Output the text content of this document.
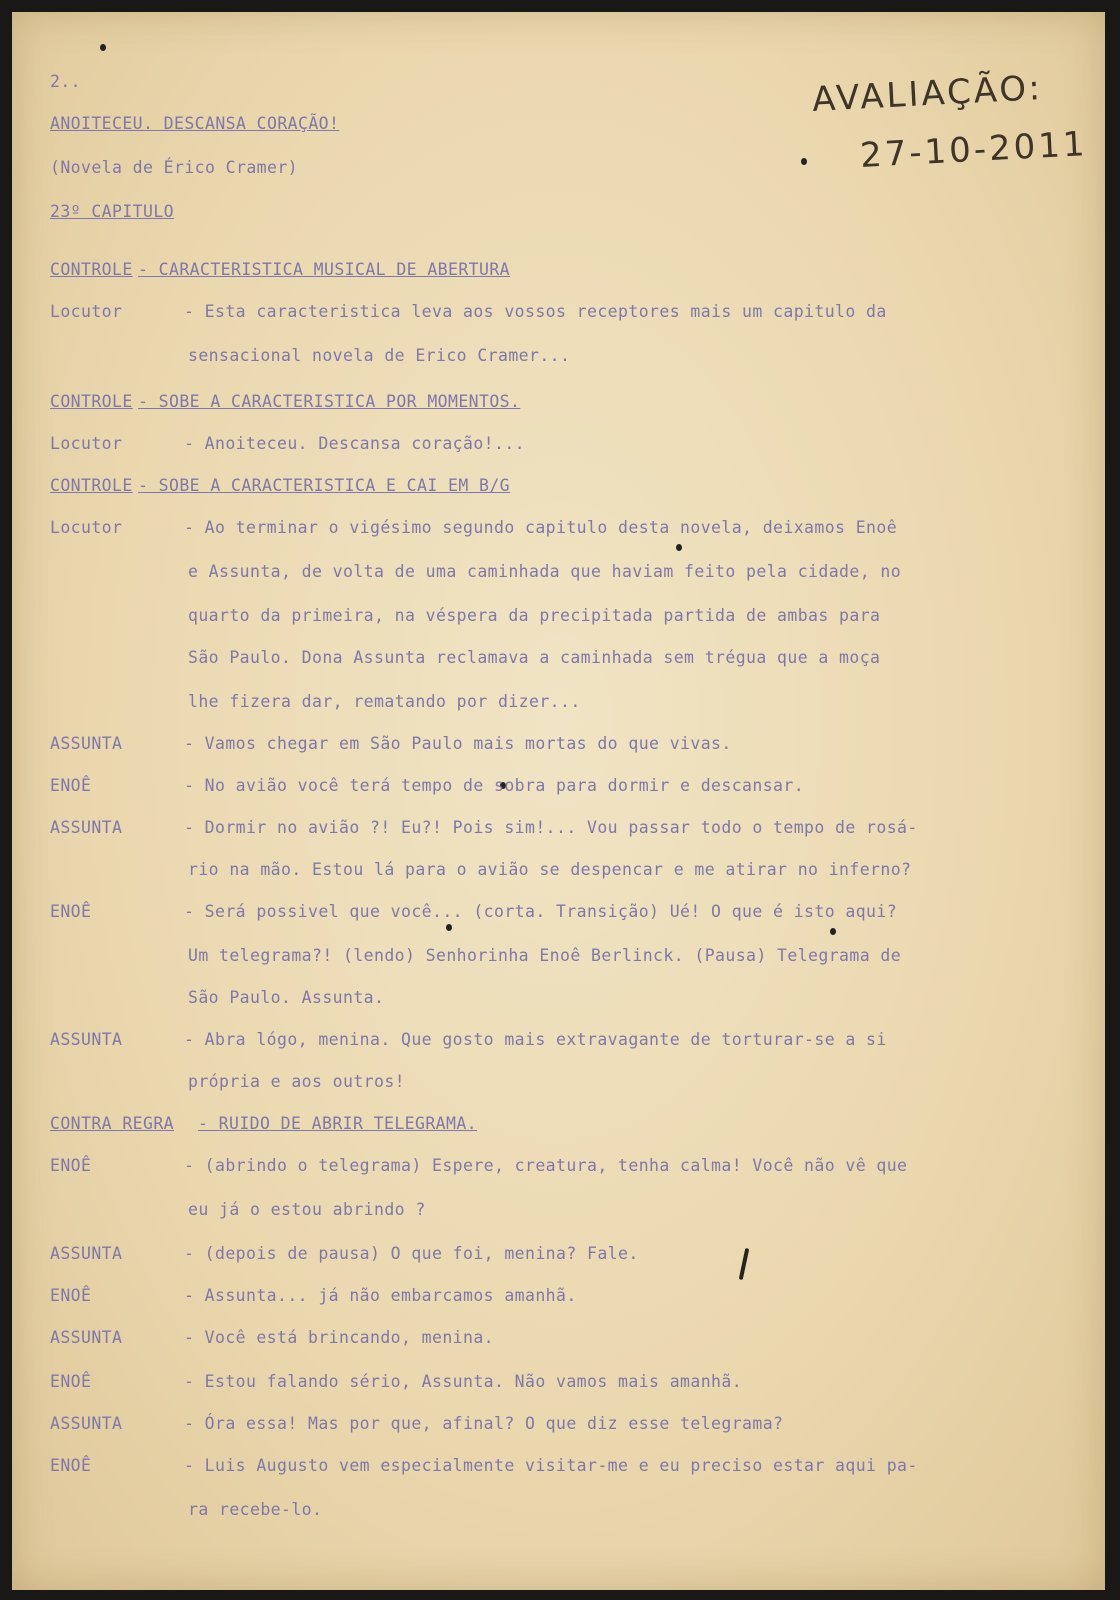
2..	AVALIAÇÃO:
27-10-2011
ANOITECEU. DESCANSA CORAÇÃO!
(Novela de Érico Cramer)
23º CAPITULO
CONTROLE - CARACTERISTICA MUSICAL DE ABERTURA
Locutor	- Esta caracteristica leva aos vossos receptores mais um capitulo da
sensacional novela de Erico Cramer...
CONTROLE - SOBE A CARACTERISTICA POR MOMENTOS.
Locutor	- Anoiteceu. Descansa coração!...
CONTROLE - SOBE A CARACTERISTICA E CAI EM B/G
Locutor	- Ao terminar o vigésimo segundo capitulo desta novela, deixamos Enoê
e Assunta, de volta de uma caminhada que haviam feito pela cidade, no
quarto da primeira, na véspera da precipitada partida de ambas para
São Paulo. Dona Assunta reclamava a caminhada sem trégua que a moça
lhe fizera dar, rematando por dizer...
ASSUNTA	- Vamos chegar em São Paulo mais mortas do que vivas.
ENOÊ	- No avião você terá tempo de sobra para dormir e descansar.
ASSUNTA	- Dormir no avião ?! Eu?! Pois sim!... Vou passar todo o tempo de rosá-
rio na mão. Estou lá para o avião se despencar e me atirar no inferno?
ENOÊ	- Será possivel que você... (corta. Transição) Ué! O que é isto aqui?
Um telegrama?! (lendo) Senhorinha Enoê Berlinck. (Pausa) Telegrama de
São Paulo. Assunta.
ASSUNTA	- Abra lógo, menina. Que gosto mais extravagante de torturar-se a si
própria e aos outros!
CONTRA REGRA - RUIDO DE ABRIR TELEGRAMA.
ENOÊ	- (abrindo o telegrama) Espere, creatura, tenha calma! Você não vê que
eu já o estou abrindo ?
ASSUNTA	- (depois de pausa) O que foi, menina? Fale.
ENOÊ	- Assunta... já não embarcamos amanhã.
ASSUNTA	- Você está brincando, menina.
ENOÊ	- Estou falando sério, Assunta. Não vamos mais amanhã.
ASSUNTA	- Óra essa! Mas por que, afinal? O que diz esse telegrama?
ENOÊ	- Luis Augusto vem especialmente visitar-me e eu preciso estar aqui pa-
ra recebe-lo.
